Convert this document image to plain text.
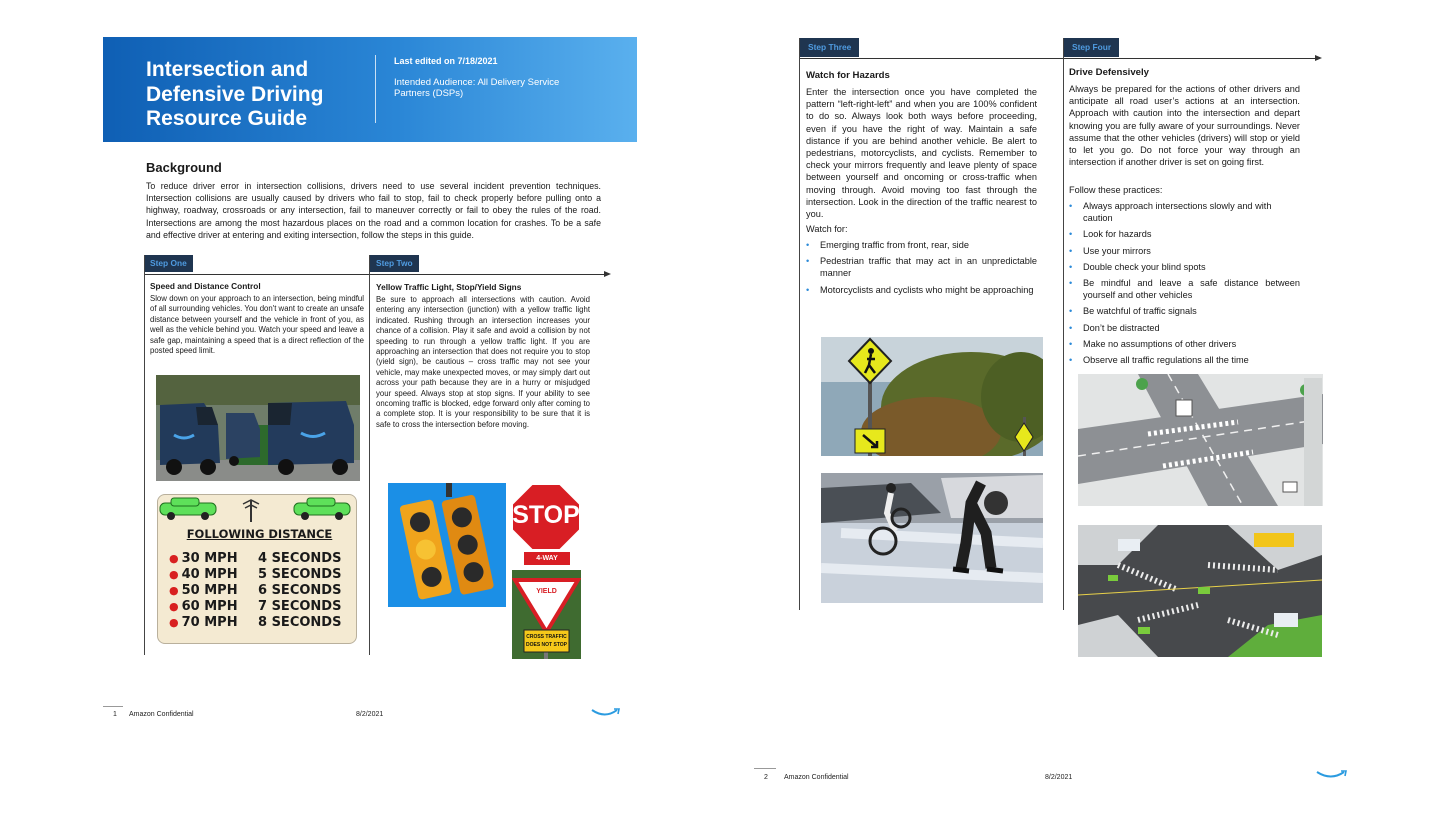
Intersection and Defensive Driving Resource Guide
Last edited on 7/18/2021
Intended Audience: All Delivery Service Partners (DSPs)
Background

To reduce driver error in intersection collisions, drivers need to use several incident prevention techniques. Intersection collisions are usually caused by drivers who fail to stop, fail to check properly before pulling onto a highway, roadway, crossroads or any intersection, fail to maneuver correctly or fail to obey the rules of the road. Intersections are among the most hazardous places on the road and a common location for crashes. To be a safe and effective driver at entering and exiting intersection, follow the steps in this guide.

Step One	Step Two
Speed and Distance Control

Slow down on your approach to an intersection, being mindful of all surrounding vehicles. You don't want to create an unsafe distance between yourself and the vehicle in front of you, as well as the vehicle behind you. Watch your speed and leave a safe gap, maintaining a speed that is a direct reflection of the posted speed limit.

Yellow Traffic Light, Stop/Yield Signs

Be sure to approach all intersections with caution. Avoid entering any intersection (junction) with a yellow traffic light indicated. Rushing through an intersection increases your chance of a collision. Play it safe and avoid a collision by not speeding to run through a yellow traffic light. If you are approaching an intersection that does not require you to stop (yield sign), be cautious – cross traffic may not see your vehicle, may make unexpected moves, or may simply dart out across your path because they are in a hurry or misjudged your speed. Always stop at stop signs. If your ability to see oncoming traffic is blocked, edge forward only after coming to a complete stop. It is your responsibility to be sure that it is safe to cross the intersection before moving.

FOLLOWING DISTANCE
● 30 MPH 4 SECONDS
● 40 MPH 5 SECONDS
● 50 MPH 6 SECONDS
● 60 MPH 7 SECONDS
● 70 MPH 8 SECONDS
STOP
4-WAY
YIELD
CROSS TRAFFIC
DOES NOT STOP
1 Amazon Confidential	8/2/2021
Step Three	Step Four
Watch for Hazards

Enter the intersection once you have completed the pattern “left-right-left” and when you are 100% confident to do so. Always look both ways before proceeding, even if you have the right of way. Maintain a safe distance if you are behind another vehicle. Be alert to pedestrians, motorcyclists, and cyclists. Remember to check your mirrors frequently and leave plenty of space between yourself and oncoming or cross-traffic when moving through. Avoid moving too fast through the intersection. Look in the direction of the traffic nearest to you.

Watch for:
• Emerging traffic from front, rear, side
• Pedestrian traffic that may act in an unpredictable manner
• Motorcyclists and cyclists who might be approaching
Drive Defensively

Always be prepared for the actions of other drivers and anticipate all road user’s actions at an intersection. Approach with caution into the intersection and depart knowing you are fully aware of your surroundings. Never assume that the other vehicles (drivers) will stop or yield to let you go. Do not force your way through an intersection if another driver is set on going first.

Follow these practices:
• Always approach intersections slowly and with caution
• Look for hazards
• Use your mirrors
• Double check your blind spots
• Be mindful and leave a safe distance between yourself and other vehicles
• Be watchful of traffic signals
• Don’t be distracted
• Make no assumptions of other drivers
• Observe all traffic regulations all the time
2 Amazon Confidential	8/2/2021
